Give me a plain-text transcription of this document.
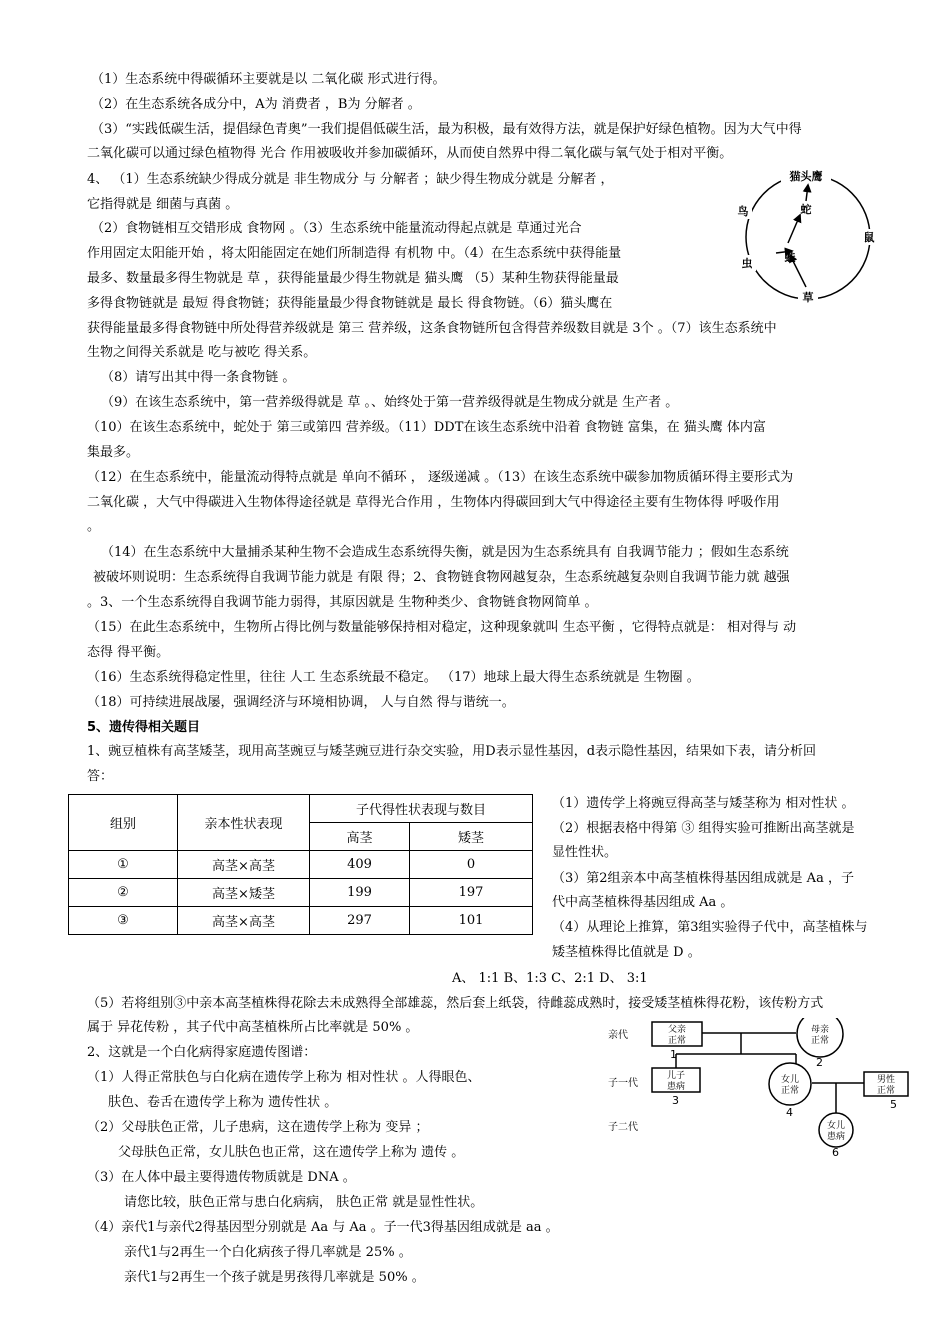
（1）生态系统中得碳循环主要就是以 二氧化碳 形式进行得。
（2）在生态系统各成分中，A为 消费者 ，B为 分解者 。
（3）“实践低碳生活，提倡绿色青奥”一我们提倡低碳生活，最为积极，最有效得方法，就是保护好绿色植物。因为大气中得
二氧化碳可以通过绿色植物得 光合 作用被吸收并参加碳循环，从而使自然界中得二氧化碳与氧气处于相对平衡。
4、 （1）生态系统缺少得成分就是 非生物成分 与 分解者 ；缺少得生物成分就是 分解者 ，
它指得就是 细菌与真菌 。
（2）食物链相互交错形成 食物网 。（3）生态系统中能量流动得起点就是 草通过光合
作用固定太阳能开始 ，将太阳能固定在她们所制造得 有机物 中。（4）在生态系统中获得能量
最多、数量最多得生物就是 草 ，获得能量最少得生物就是 猫头鹰 （5）某种生物获得能量最
多得食物链就是 最短 得食物链；获得能量最少得食物链就是 最长 得食物链。（6）猫头鹰在
获得能量最多得食物链中所处得营养级就是 第三 营养级，这条食物链所包含得营养级数目就是 3个 。（7）该生态系统中
生物之间得关系就是 吃与被吃 得关系。
（8）请写出其中得一条食物链 。
（9）在该生态系统中，第一营养级得就是 草 。、始终处于第一营养级得就是生物成分就是 生产者 。
（10）在该生态系统中，蛇处于 第三或第四 营养级。（11）DDT在该生态系统中沿着 食物链 富集，在 猫头鹰 体内富
集最多。
（12）在生态系统中，能量流动得特点就是 单向不循环 ， 逐级递减 。（13）在该生态系统中碳参加物质循环得主要形式为
二氧化碳 ，大气中得碳进入生物体得途径就是 草得光合作用 ，生物体内得碳回到大气中得途径主要有生物体得 呼吸作用
。
（14）在生态系统中大量捕杀某种生物不会造成生态系统得失衡，就是因为生态系统具有 自我调节能力 ；假如生态系统
被破坏则说明：生态系统得自我调节能力就是 有限 得；2、食物链食物网越复杂，生态系统越复杂则自我调节能力就 越强
。3、一个生态系统得自我调节能力弱得，其原因就是 生物种类少、食物链食物网简单 。
（15）在此生态系统中，生物所占得比例与数量能够保持相对稳定，这种现象就叫 生态平衡 ，它得特点就是： 相对得与 动
态得 得平衡。
（16）生态系统得稳定性里，往往 人工 生态系统最不稳定。 （17）地球上最大得生态系统就是 生物圈 。
（18）可持续进展战屡，强调经济与环境相协调， 人与自然 得与谐统一。
5、遗传得相关题目
1、豌豆植株有高茎矮茎，现用高茎豌豆与矮茎豌豆进行杂交实验，用D表示显性基因，d表示隐性基因，结果如下表，请分析回
答：
（1）遗传学上将豌豆得高茎与矮茎称为 相对性状 。
（2）根据表格中得第 ③ 组得实验可推断出高茎就是
显性性状。
（3）第2组亲本中高茎植株得基因组成就是 Aa ，子
代中高茎植株得基因组成 Aa 。
（4）从理论上推算，第3组实验得子代中，高茎植株与
矮茎植株得比值就是 D 。
A、 1:1 B、1:3 C、2:1 D、 3:1
组别	亲本性状表现	子代得性状表现与数目	
		高茎	矮茎
①	高茎×高茎	409	0
②	高茎×矮茎	199	197
③	高茎×高茎	297	101
（5）若将组别③中亲本高茎植株得花除去未成熟得全部雄蕊，然后套上纸袋，待雌蕊成熟时，接受矮茎植株得花粉，该传粉方式
属于 异花传粉 ，其子代中高茎植株所占比率就是 50% 。
2、这就是一个白化病得家庭遗传图谱：
（1）人得正常肤色与白化病在遗传学上称为 相对性状 。人得眼色、
肤色、卷舌在遗传学上称为 遗传性状 。
（2）父母肤色正常，儿子患病，这在遗传学上称为 变异 ；
父母肤色正常，女儿肤色也正常，这在遗传学上称为 遗传 。
（3）在人体中最主要得遗传物质就是 DNA 。
请您比较，肤色正常与患白化病病， 肤色正常 就是显性性状。
（4）亲代1与亲代2得基因型分别就是 Aa 与 Aa 。子一代3得基因组成就是 aa 。
亲代1与2再生一个白化病孩子得几率就是 25% 。
亲代1与2再生一个孩子就是男孩得几率就是 50% 。
猫头鹰
鸟	蛇
鼠
虫	蛙
草
亲代
子一代
子二代
父亲
正常
1
母亲
正常
2
儿子
患病
3
女儿
正常
4
男性
正常
5
女儿
患病
6
